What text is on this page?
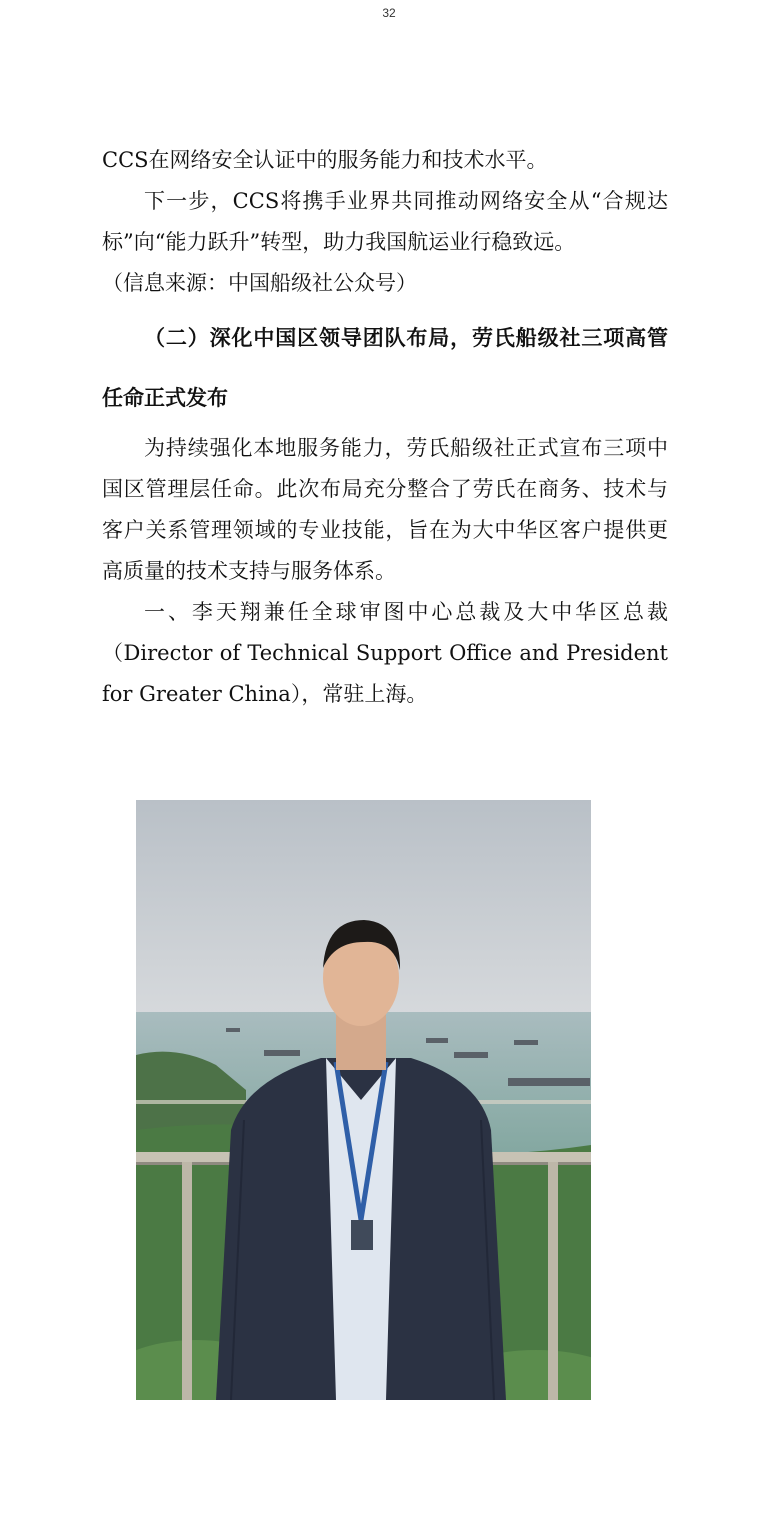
32

CCS在网络安全认证中的服务能力和技术水平。

下一步，CCS将携手业界共同推动网络安全从“合规达标”向“能力跃升”转型，助力我国航运业行稳致远。

（信息来源：中国船级社公众号）

（二）深化中国区领导团队布局，劳氏船级社三项高管任命正式发布

为持续强化本地服务能力，劳氏船级社正式宣布三项中国区管理层任命。此次布局充分整合了劳氏在商务、技术与客户关系管理领域的专业技能，旨在为大中华区客户提供更高质量的技术支持与服务体系。

一、李天翔兼任全球审图中心总裁及大中华区总裁（Director of Technical Support Office and President for Greater China），常驻上海。
